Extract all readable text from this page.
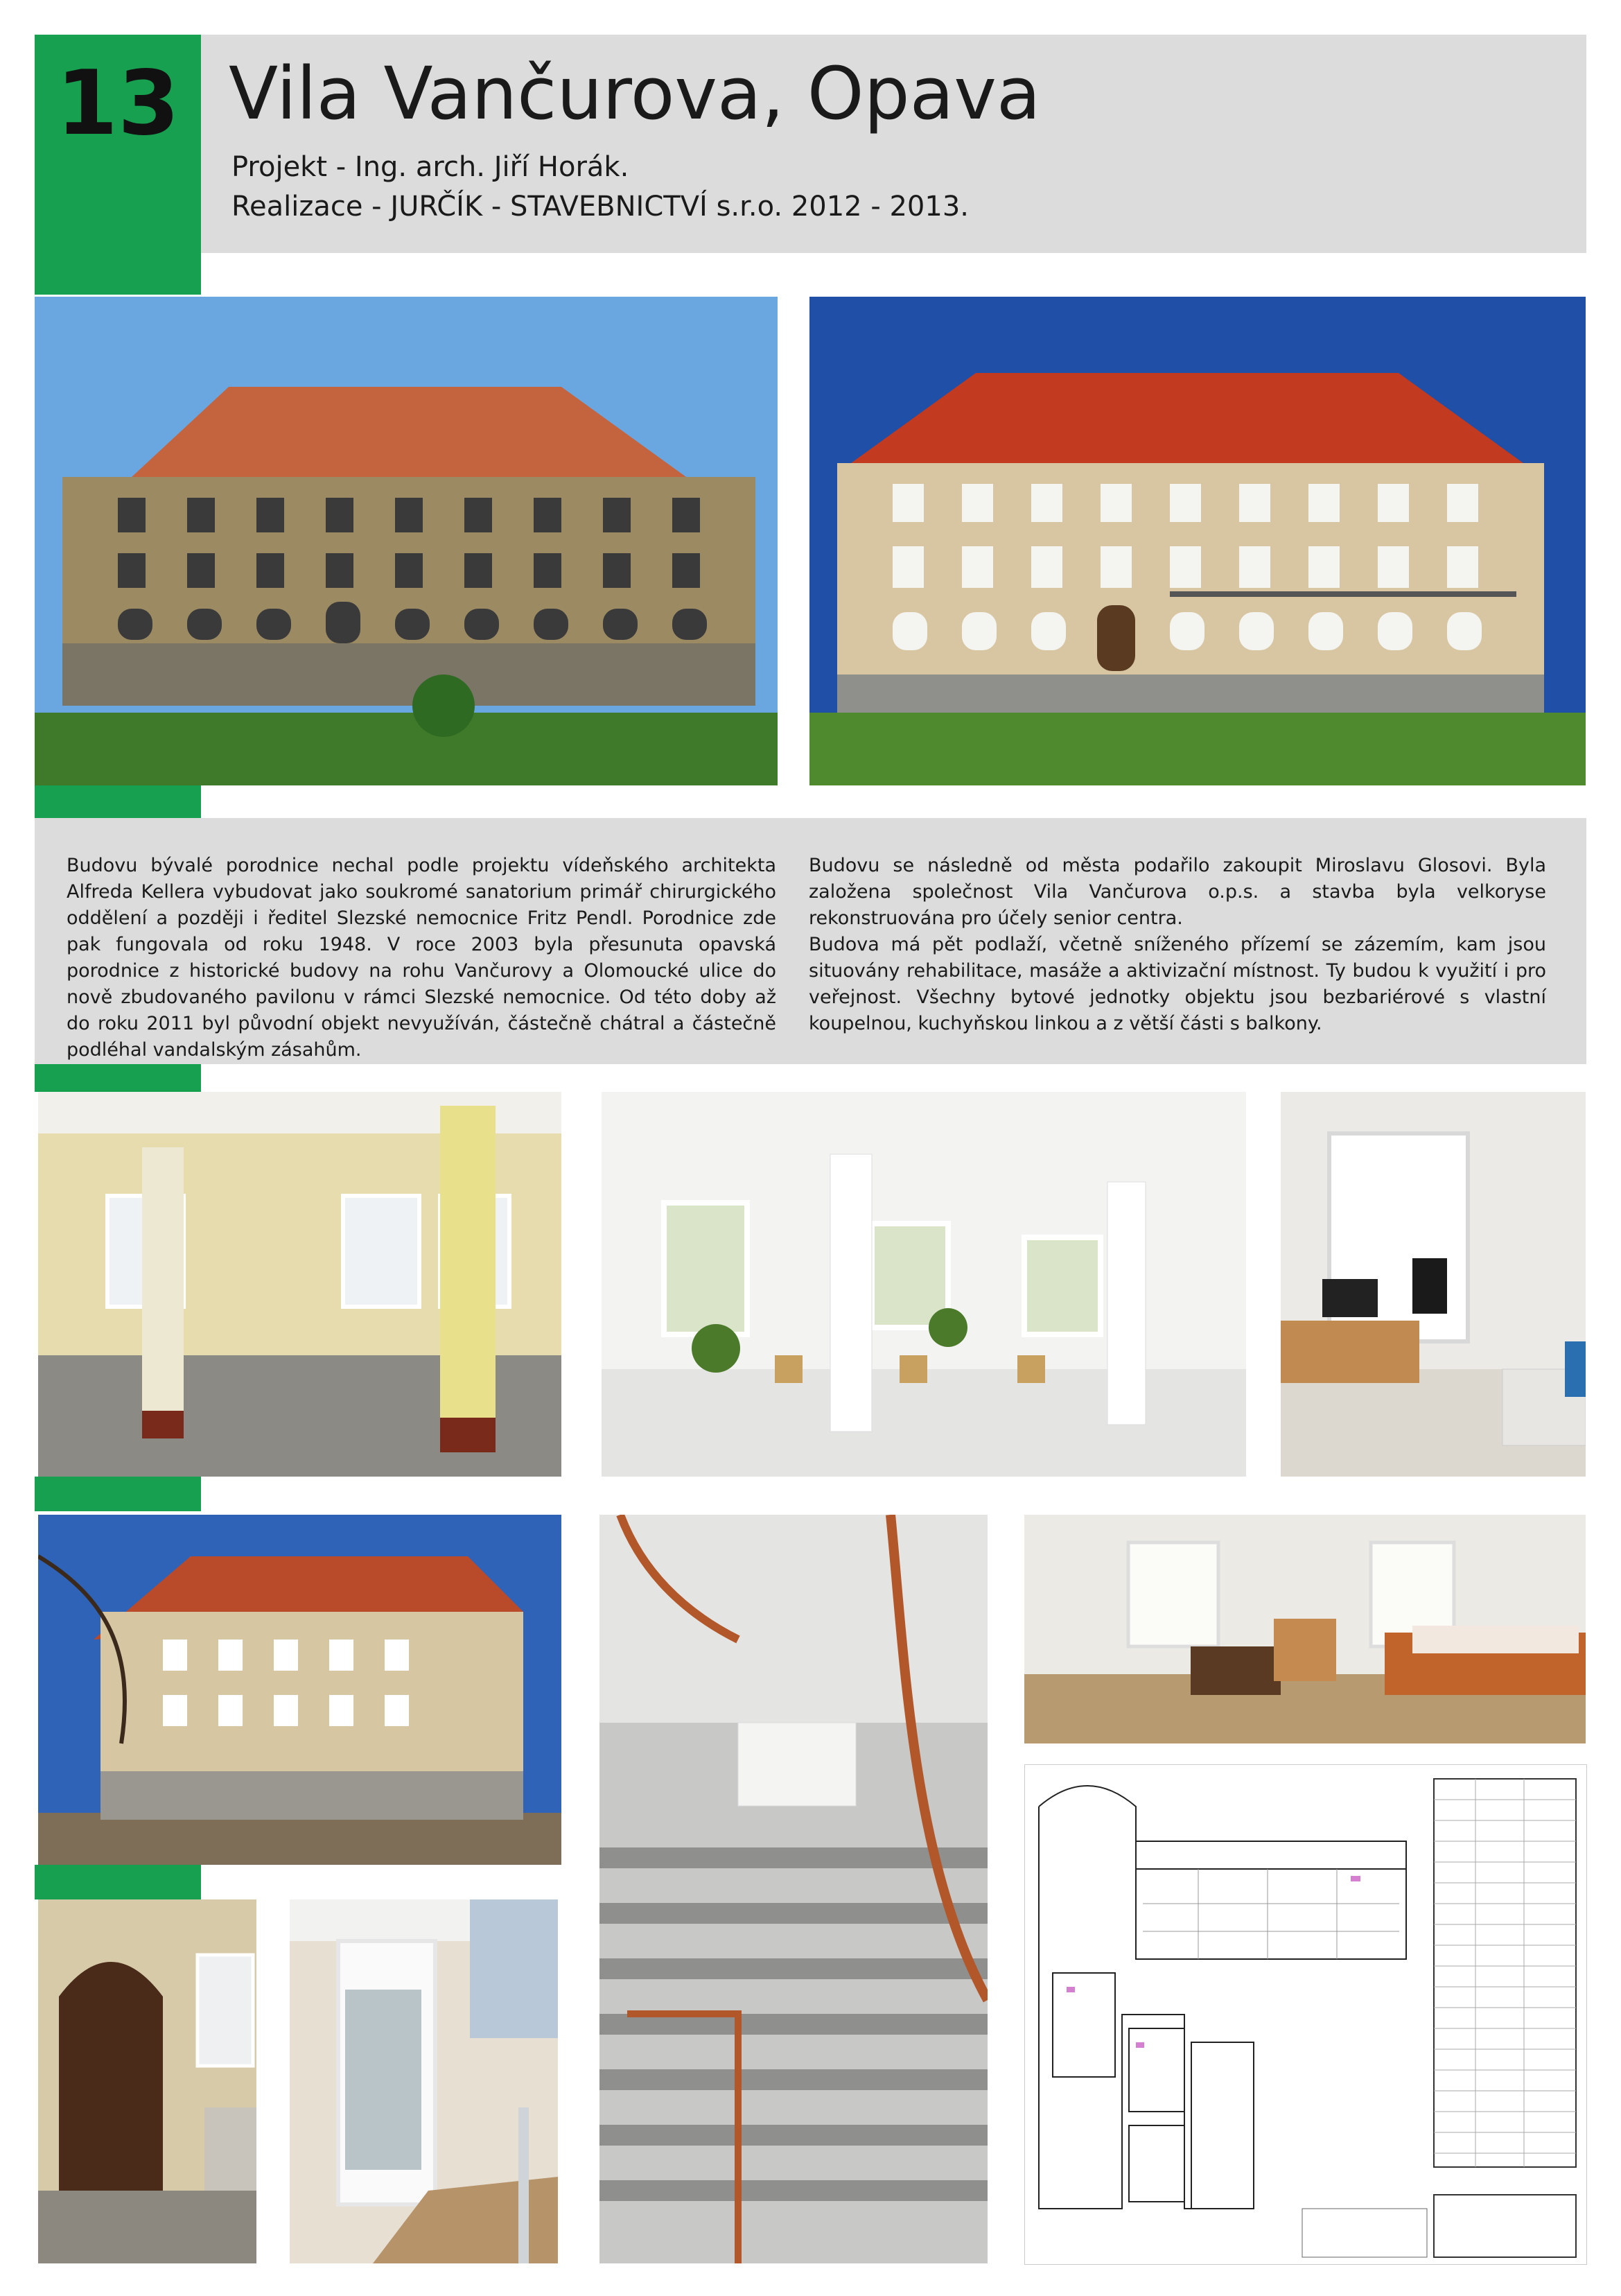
13 Vila Vančurova, Opava
Projekt - Ing. arch. Jiří Horák.
Realizace - JURČÍK - STAVEBNICTVÍ s.r.o. 2012 - 2013.

Budovu bývalé porodnice nechal podle projektu vídeňského architekta Alfreda Kellera vybudovat jako soukromé sanatorium primář chirurgického oddělení a později i ředitel Slezské nemocnice Fritz Pendl. Porodnice zde pak fungovala od roku 1948. V roce 2003 byla přesunuta opavská porodnice z historické budovy na rohu Vančurovy a Olomoucké ulice do nově zbudovaného pavilonu v rámci Slezské nemocnice. Od této doby až do roku 2011 byl původní objekt nevyužíván, částečně chátral a částečně podléhal vandalským zásahům.

Budovu se následně od města podařilo zakoupit Miroslavu Glosovi. Byla založena společnost Vila Vančurova o.p.s. a stavba byla velkoryse rekonstruována pro účely senior centra.

Budova má pět podlaží, včetně sníženého přízemí se zázemím, kam jsou situovány rehabilitace, masáže a aktivizační místnost. Ty budou k využití i pro veřejnost. Všechny bytové jednotky objektu jsou bezbariérové s vlastní koupelnou, kuchyňskou linkou a z větší části s balkony.
